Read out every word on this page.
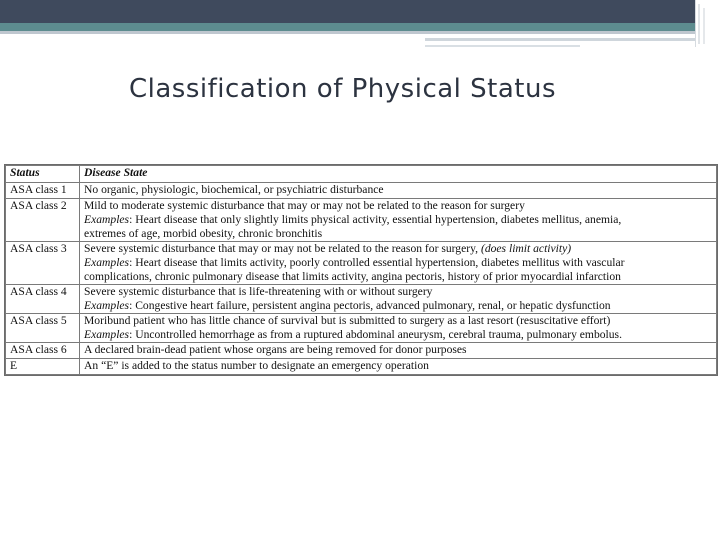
Classification of Physical Status
Status	Disease State
ASA class 1	No organic, physiologic, biochemical, or psychiatric disturbance

ASA class 2	Mild to moderate systemic disturbance that may or may not be related to the reason for surgery
Examples: Heart disease that only slightly limits physical activity, essential hypertension, diabetes mellitus, anemia,
extremes of age, morbid obesity, chronic bronchitis

ASA class 3	Severe systemic disturbance that may or may not be related to the reason for surgery, (does limit activity)
Examples: Heart disease that limits activity, poorly controlled essential hypertension, diabetes mellitus with vascular
complications, chronic pulmonary disease that limits activity, angina pectoris, history of prior myocardial infarction

ASA class 4	Severe systemic disturbance that is life-threatening with or without surgery
Examples: Congestive heart failure, persistent angina pectoris, advanced pulmonary, renal, or hepatic dysfunction

ASA class 5	Moribund patient who has little chance of survival but is submitted to surgery as a last resort (resuscitative effort)
Examples: Uncontrolled hemorrhage as from a ruptured abdominal aneurysm, cerebral trauma, pulmonary embolus.

ASA class 6	A declared brain-dead patient whose organs are being removed for donor purposes

E	An “E” is added to the status number to designate an emergency operation
